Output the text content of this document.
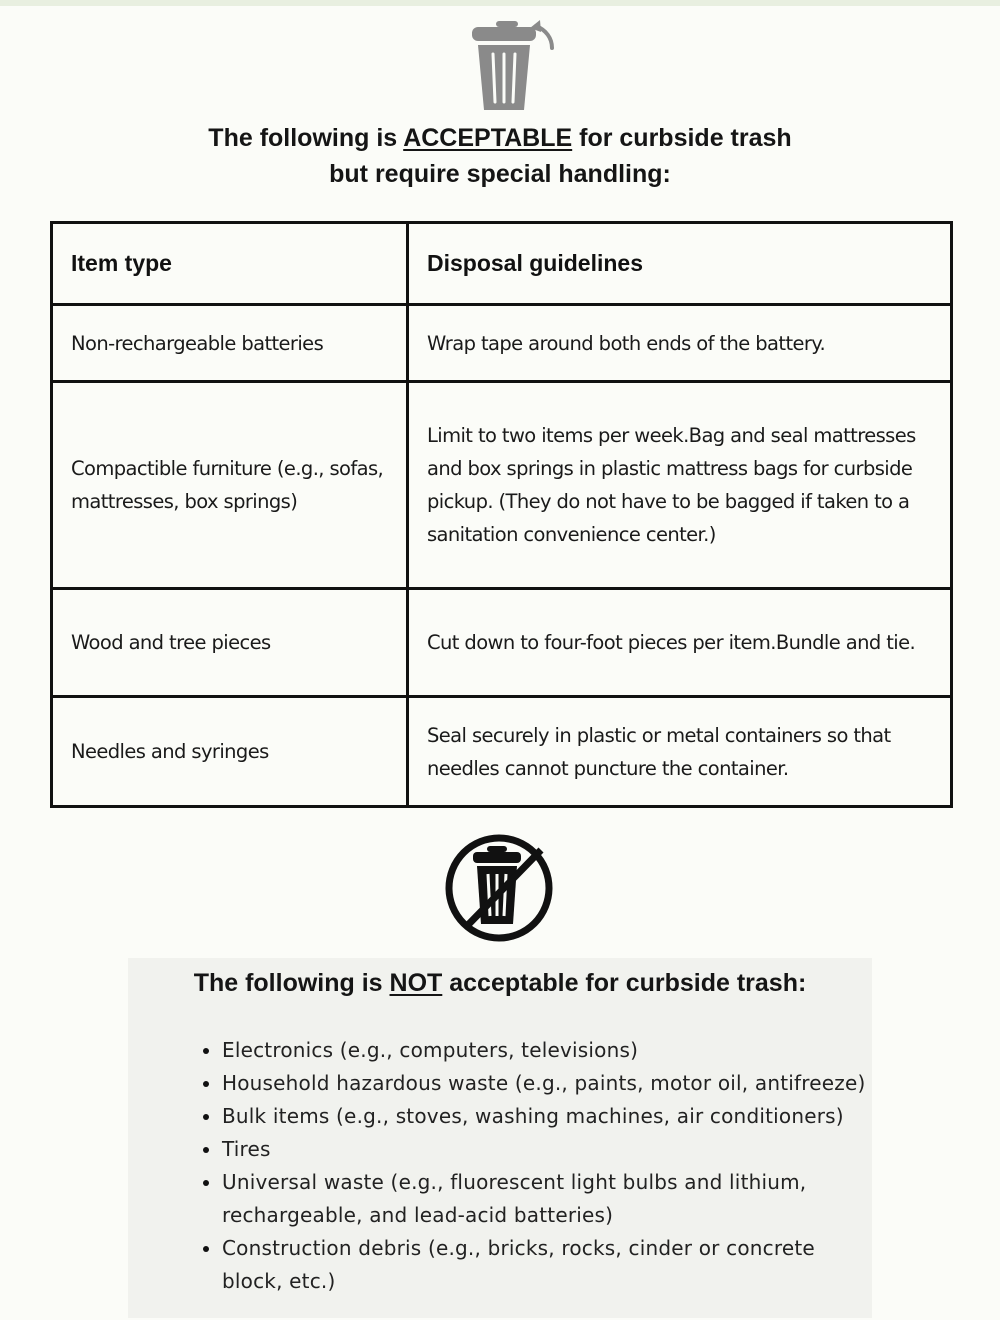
The following is ACCEPTABLE for curbside trash
but require special handling:
Item type	Disposal guidelines
Non-rechargeable batteries	Wrap tape around both ends of the battery.
Compactible furniture (e.g., sofas, mattresses, box springs)	Limit to two items per week.Bag and seal mattresses and box springs in plastic mattress bags for curbside pickup. (They do not have to be bagged if taken to a sanitation convenience center.)
Wood and tree pieces	Cut down to four-foot pieces per item.Bundle and tie.
Needles and syringes	Seal securely in plastic or metal containers so that needles cannot puncture the container.
The following is NOT acceptable for curbside trash:
• Electronics (e.g., computers, televisions)
• Household hazardous waste (e.g., paints, motor oil, antifreeze)
• Bulk items (e.g., stoves, washing machines, air conditioners)
• Tires
• Universal waste (e.g., fluorescent light bulbs and lithium, rechargeable, and lead-acid batteries)
• Construction debris (e.g., bricks, rocks, cinder or concrete block, etc.)
